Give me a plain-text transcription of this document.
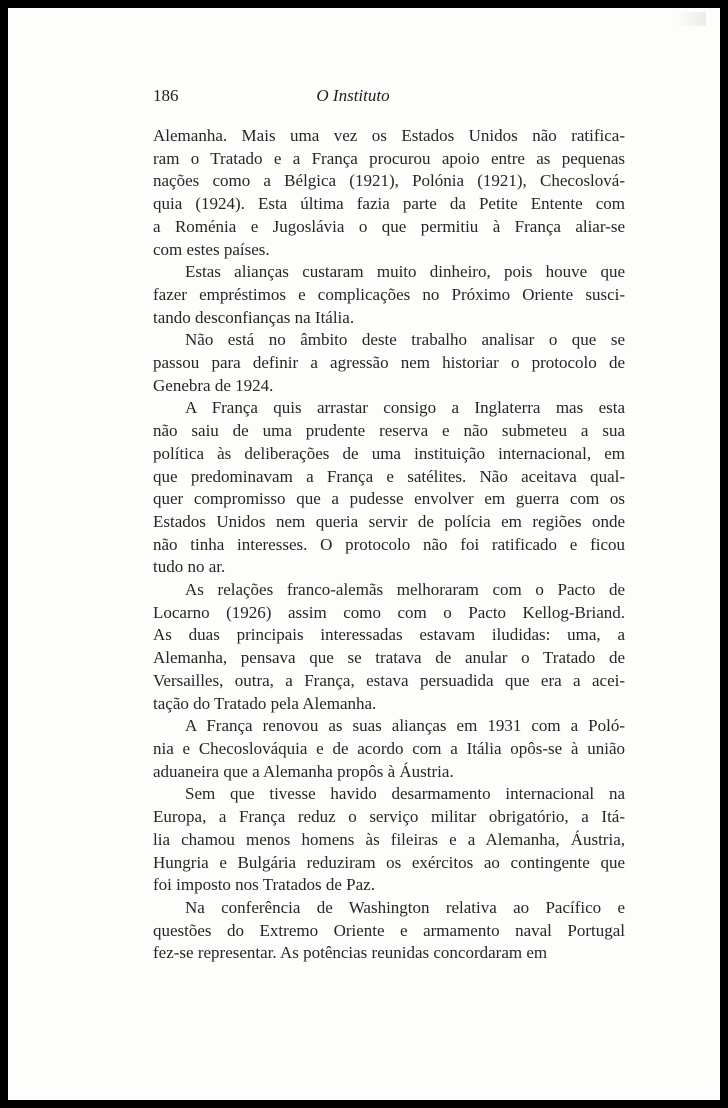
186	O Instituto
Alemanha. Mais uma vez os Estados Unidos não ratifica-
ram o Tratado e a França procurou apoio entre as pequenas
nações como a Bélgica (1921), Polónia (1921), Checoslová-
quia (1924). Esta última fazia parte da Petite Entente com
a Roménia e Jugoslávia o que permitiu à França aliar-se
com estes países.
Estas alianças custaram muito dinheiro, pois houve que
fazer empréstimos e complicações no Próximo Oriente susci-
tando desconfianças na Itália.
Não está no âmbito deste trabalho analisar o que se
passou para definir a agressão nem historiar o protocolo de
Genebra de 1924.
A França quis arrastar consigo a Inglaterra mas esta
não saiu de uma prudente reserva e não submeteu a sua
política às deliberações de uma instituição internacional, em
que predominavam a França e satélites. Não aceitava qual-
quer compromisso que a pudesse envolver em guerra com os
Estados Unidos nem queria servir de polícia em regiões onde
não tinha interesses. O protocolo não foi ratificado e ficou
tudo no ar.
As relações franco-alemãs melhoraram com o Pacto de
Locarno (1926) assim como com o Pacto Kellog-Briand.
As duas principais interessadas estavam iludidas: uma, a
Alemanha, pensava que se tratava de anular o Tratado de
Versailles, outra, a França, estava persuadida que era a acei-
tação do Tratado pela Alemanha.
A França renovou as suas alianças em 1931 com a Poló-
nia e Checoslováquia e de acordo com a Itália opôs-se à união
aduaneira que a Alemanha propôs à Áustria.
Sem que tivesse havido desarmamento internacional na
Europa, a França reduz o serviço militar obrigatório, a Itá-
lia chamou menos homens às fileiras e a Alemanha, Áustria,
Hungria e Bulgária reduziram os exércitos ao contingente que
foi imposto nos Tratados de Paz.
Na conferência de Washington relativa ao Pacífico e
questões do Extremo Oriente e armamento naval Portugal
fez-se representar. As potências reunidas concordaram em
